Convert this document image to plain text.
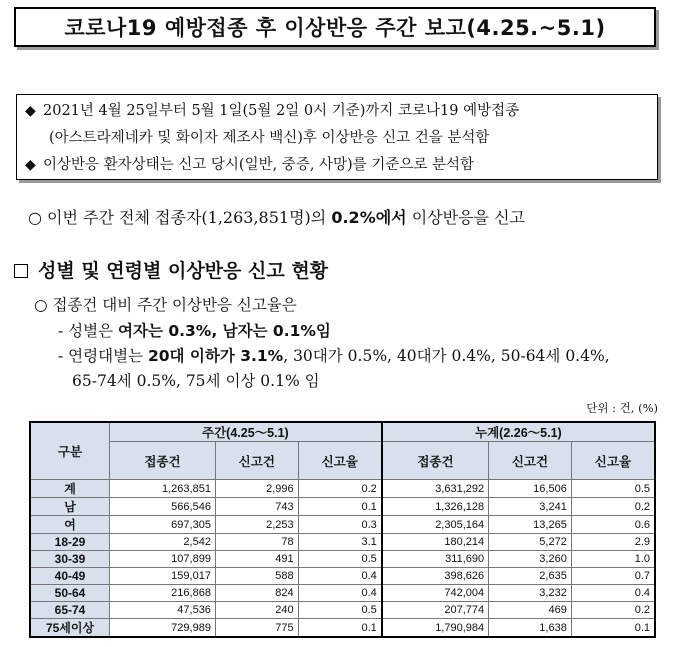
코로나19 예방접종 후 이상반응 주간 보고(4.25.~5.1)
◆ 2021년 4월 25일부터 5월 1일(5월 2일 0시 기준)까지 코로나19 예방접종
(아스트라제네카 및 화이자 제조사 백신)후 이상반응 신고 건을 분석함
◆ 이상반응 환자상태는 신고 당시(일반, 중증, 사망)를 기준으로 분석함
○ 이번 주간 전체 접종자(1,263,851명)의 0.2%에서 이상반응을 신고
성별 및 연령별 이상반응 신고 현황
○ 접종건 대비 주간 이상반응 신고율은
- 성별은 여자는 0.3%, 남자는 0.1%임
- 연령대별는 20대 이하가 3.1%, 30대가 0.5%, 40대가 0.4%, 50-64세 0.4%,
65-74세 0.5%, 75세 이상 0.1% 임
단위 : 건, (%)
구분	주간(4.25～5.1)			누계(2.26～5.1)		
	접종건	신고건	신고율	접종건	신고건	신고율
계	1,263,851	2,996	0.2	3,631,292	16,506	0.5
남	566,546	743	0.1	1,326,128	3,241	0.2
여	697,305	2,253	0.3	2,305,164	13,265	0.6
18-29	2,542	78	3.1	180,214	5,272	2.9
30-39	107,899	491	0.5	311,690	3,260	1.0
40-49	159,017	588	0.4	398,626	2,635	0.7
50-64	216,868	824	0.4	742,004	3,232	0.4
65-74	47,536	240	0.5	207,774	469	0.2
75세이상	729,989	775	0.1	1,790,984	1,638	0.1
